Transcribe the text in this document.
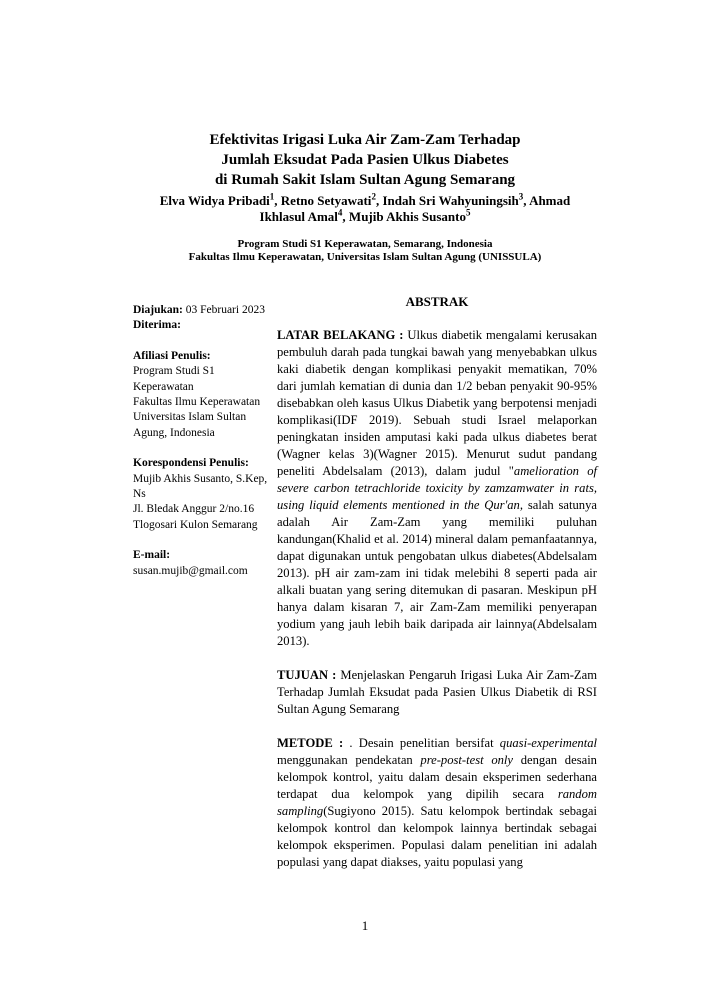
Efektivitas Irigasi Luka Air Zam-Zam Terhadap
Jumlah Eksudat Pada Pasien Ulkus Diabetes
di Rumah Sakit Islam Sultan Agung Semarang

Elva Widya Pribadi$^1$, Retno Setyawati$^2$, Indah Sri Wahyuningsih$^3$, Ahmad
Ikhlasul Amal$^4$, Mujib Akhis Susanto$^5$

Program Studi S1 Keperawatan, Semarang, Indonesia
Fakultas Ilmu Keperawatan, Universitas Islam Sultan Agung (UNISSULA)

Diajukan: 03 Februari 2023

Diterima:

Afiliasi Penulis:

Program Studi S1 Keperawatan

Fakultas Ilmu Keperawatan Universitas Islam Sultan Agung, Indonesia

Korespondensi Penulis:

Mujib Akhis Susanto, S.Kep, Ns

Jl. Bledak Anggur 2/no.16 Tlogosari Kulon Semarang

E-mail:

susan.mujib@gmail.com

ABSTRAK

LATAR BELAKANG : Ulkus diabetik mengalami kerusakan pembuluh darah pada tungkai bawah yang menyebabkan ulkus kaki diabetik dengan komplikasi penyakit mematikan, 70% dari jumlah kematian di dunia dan 1/2 beban penyakit 90-95% disebabkan oleh kasus Ulkus Diabetik yang berpotensi menjadi komplikasi(IDF 2019). Sebuah studi Israel melaporkan peningkatan insiden amputasi kaki pada ulkus diabetes berat (Wagner kelas 3)(Wagner 2015). Menurut sudut pandang peneliti Abdelsalam (2013), dalam judul "amelioration of severe carbon tetrachloride toxicity by zamzamwater in rats, using liquid elements mentioned in the Qur'an, salah satunya adalah Air Zam-Zam yang memiliki puluhan kandungan(Khalid et al. 2014) mineral dalam pemanfaatannya, dapat digunakan untuk pengobatan ulkus diabetes(Abdelsalam 2013). pH air zam-zam ini tidak melebihi 8 seperti pada air alkali buatan yang sering ditemukan di pasaran. Meskipun pH hanya dalam kisaran 7, air Zam-Zam memiliki penyerapan yodium yang jauh lebih baik daripada air lainnya(Abdelsalam 2013).

TUJUAN : Menjelaskan Pengaruh Irigasi Luka Air Zam-Zam Terhadap Jumlah Eksudat pada Pasien Ulkus Diabetik di RSI Sultan Agung Semarang

METODE : . Desain penelitian bersifat quasi-experimental menggunakan pendekatan pre-post-test only dengan desain kelompok kontrol, yaitu dalam desain eksperimen sederhana terdapat dua kelompok yang dipilih secara random sampling(Sugiyono 2015). Satu kelompok bertindak sebagai kelompok kontrol dan kelompok lainnya bertindak sebagai kelompok eksperimen. Populasi dalam penelitian ini adalah populasi yang dapat diakses, yaitu populasi yang

1
